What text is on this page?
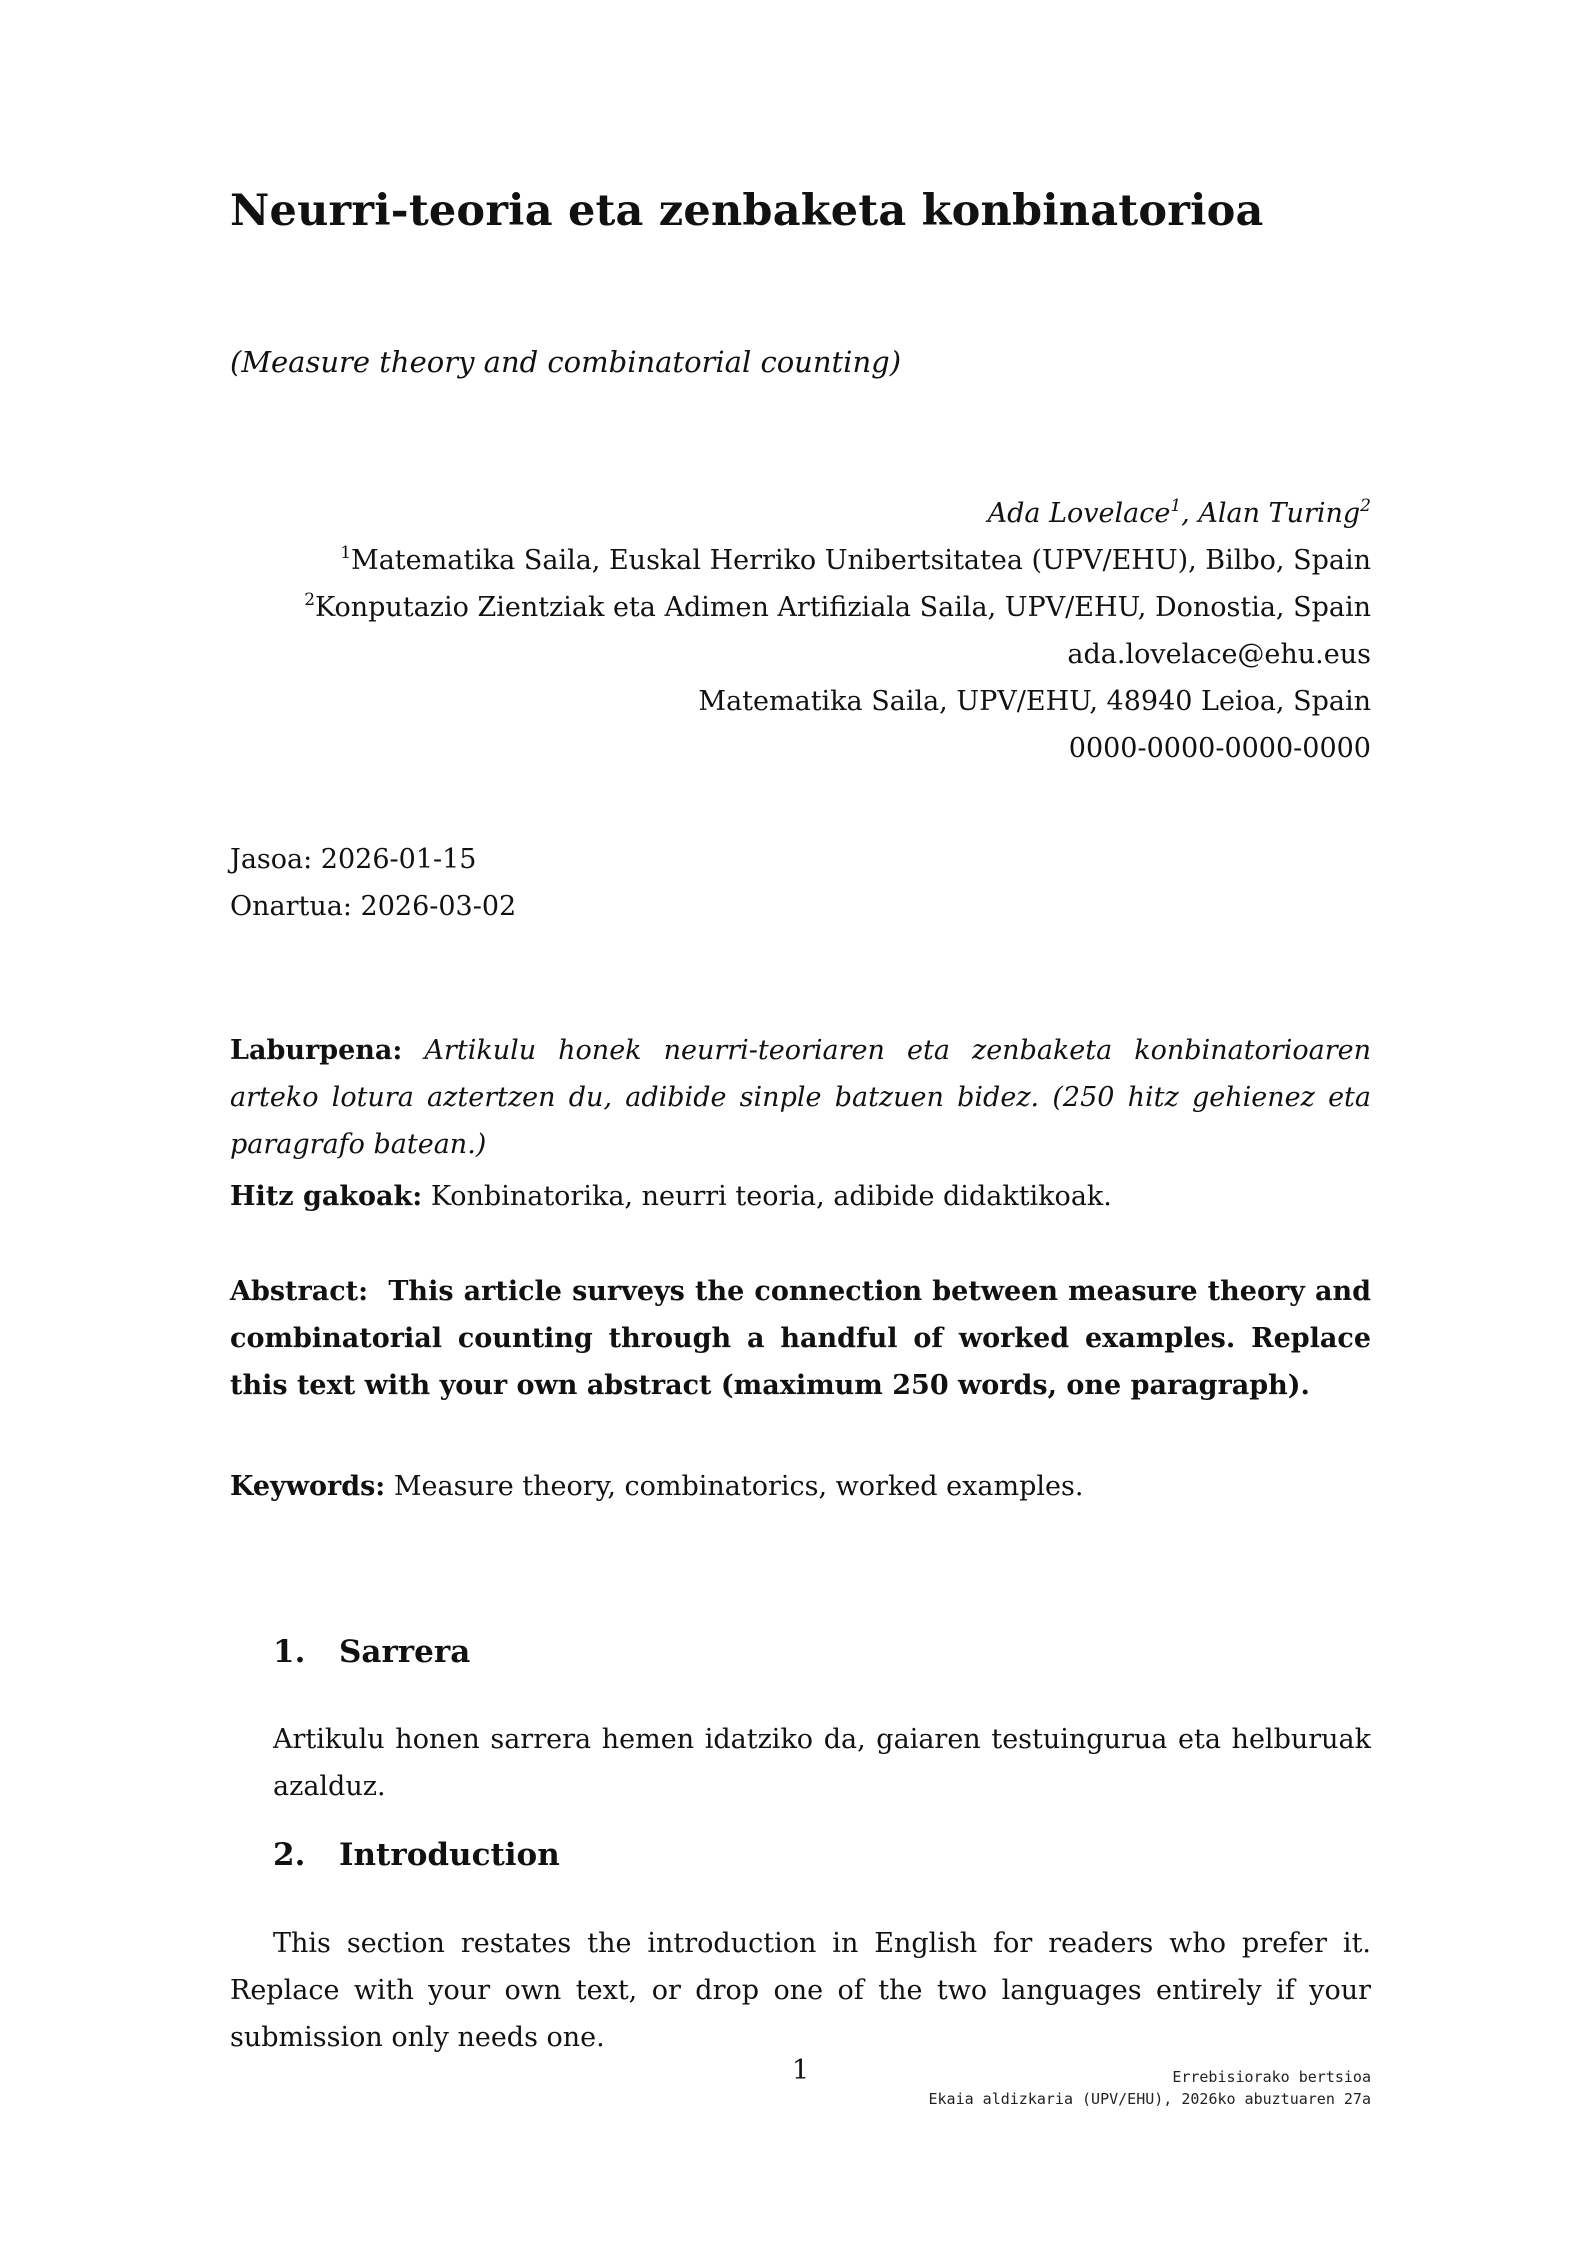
Neurri-teoria eta zenbaketa konbinatorioa
(Measure theory and combinatorial counting)
Ada Lovelace$^1$, Alan Turing$^2$
$^1$Matematika Saila, Euskal Herriko Unibertsitatea (UPV/EHU), Bilbo, Spain
$^2$Konputazio Zientziak eta Adimen Artifiziala Saila, UPV/EHU, Donostia, Spain
ada.lovelace@ehu.eus
Matematika Saila, UPV/EHU, 48940 Leioa, Spain
0000-0000-0000-0000
Jasoa: 2026-01-15
Onartua: 2026-03-02
Laburpena: Artikulu honek neurri-teoriaren eta zenbaketa konbinatorioaren arteko lotura aztertzen du, adibide sinple batzuen bidez. (250 hitz gehienez eta paragrafo batean.)
Hitz gakoak: Konbinatorika, neurri teoria, adibide didaktikoak.
Abstract: This article surveys the connection between measure theory and combinatorial counting through a handful of worked examples. Replace this text with your own abstract (maximum 250 words, one paragraph).
Keywords: Measure theory, combinatorics, worked examples.
1. Sarrera
Artikulu honen sarrera hemen idatziko da, gaiaren testuingurua eta helburuak azalduz.
2. Introduction
This section restates the introduction in English for readers who prefer it. Replace with your own text, or drop one of the two languages entirely if your submission only needs one.
1	Errebisiorako bertsioa
Ekaia aldizkaria (UPV/EHU), 2026ko abuztuaren 27a
